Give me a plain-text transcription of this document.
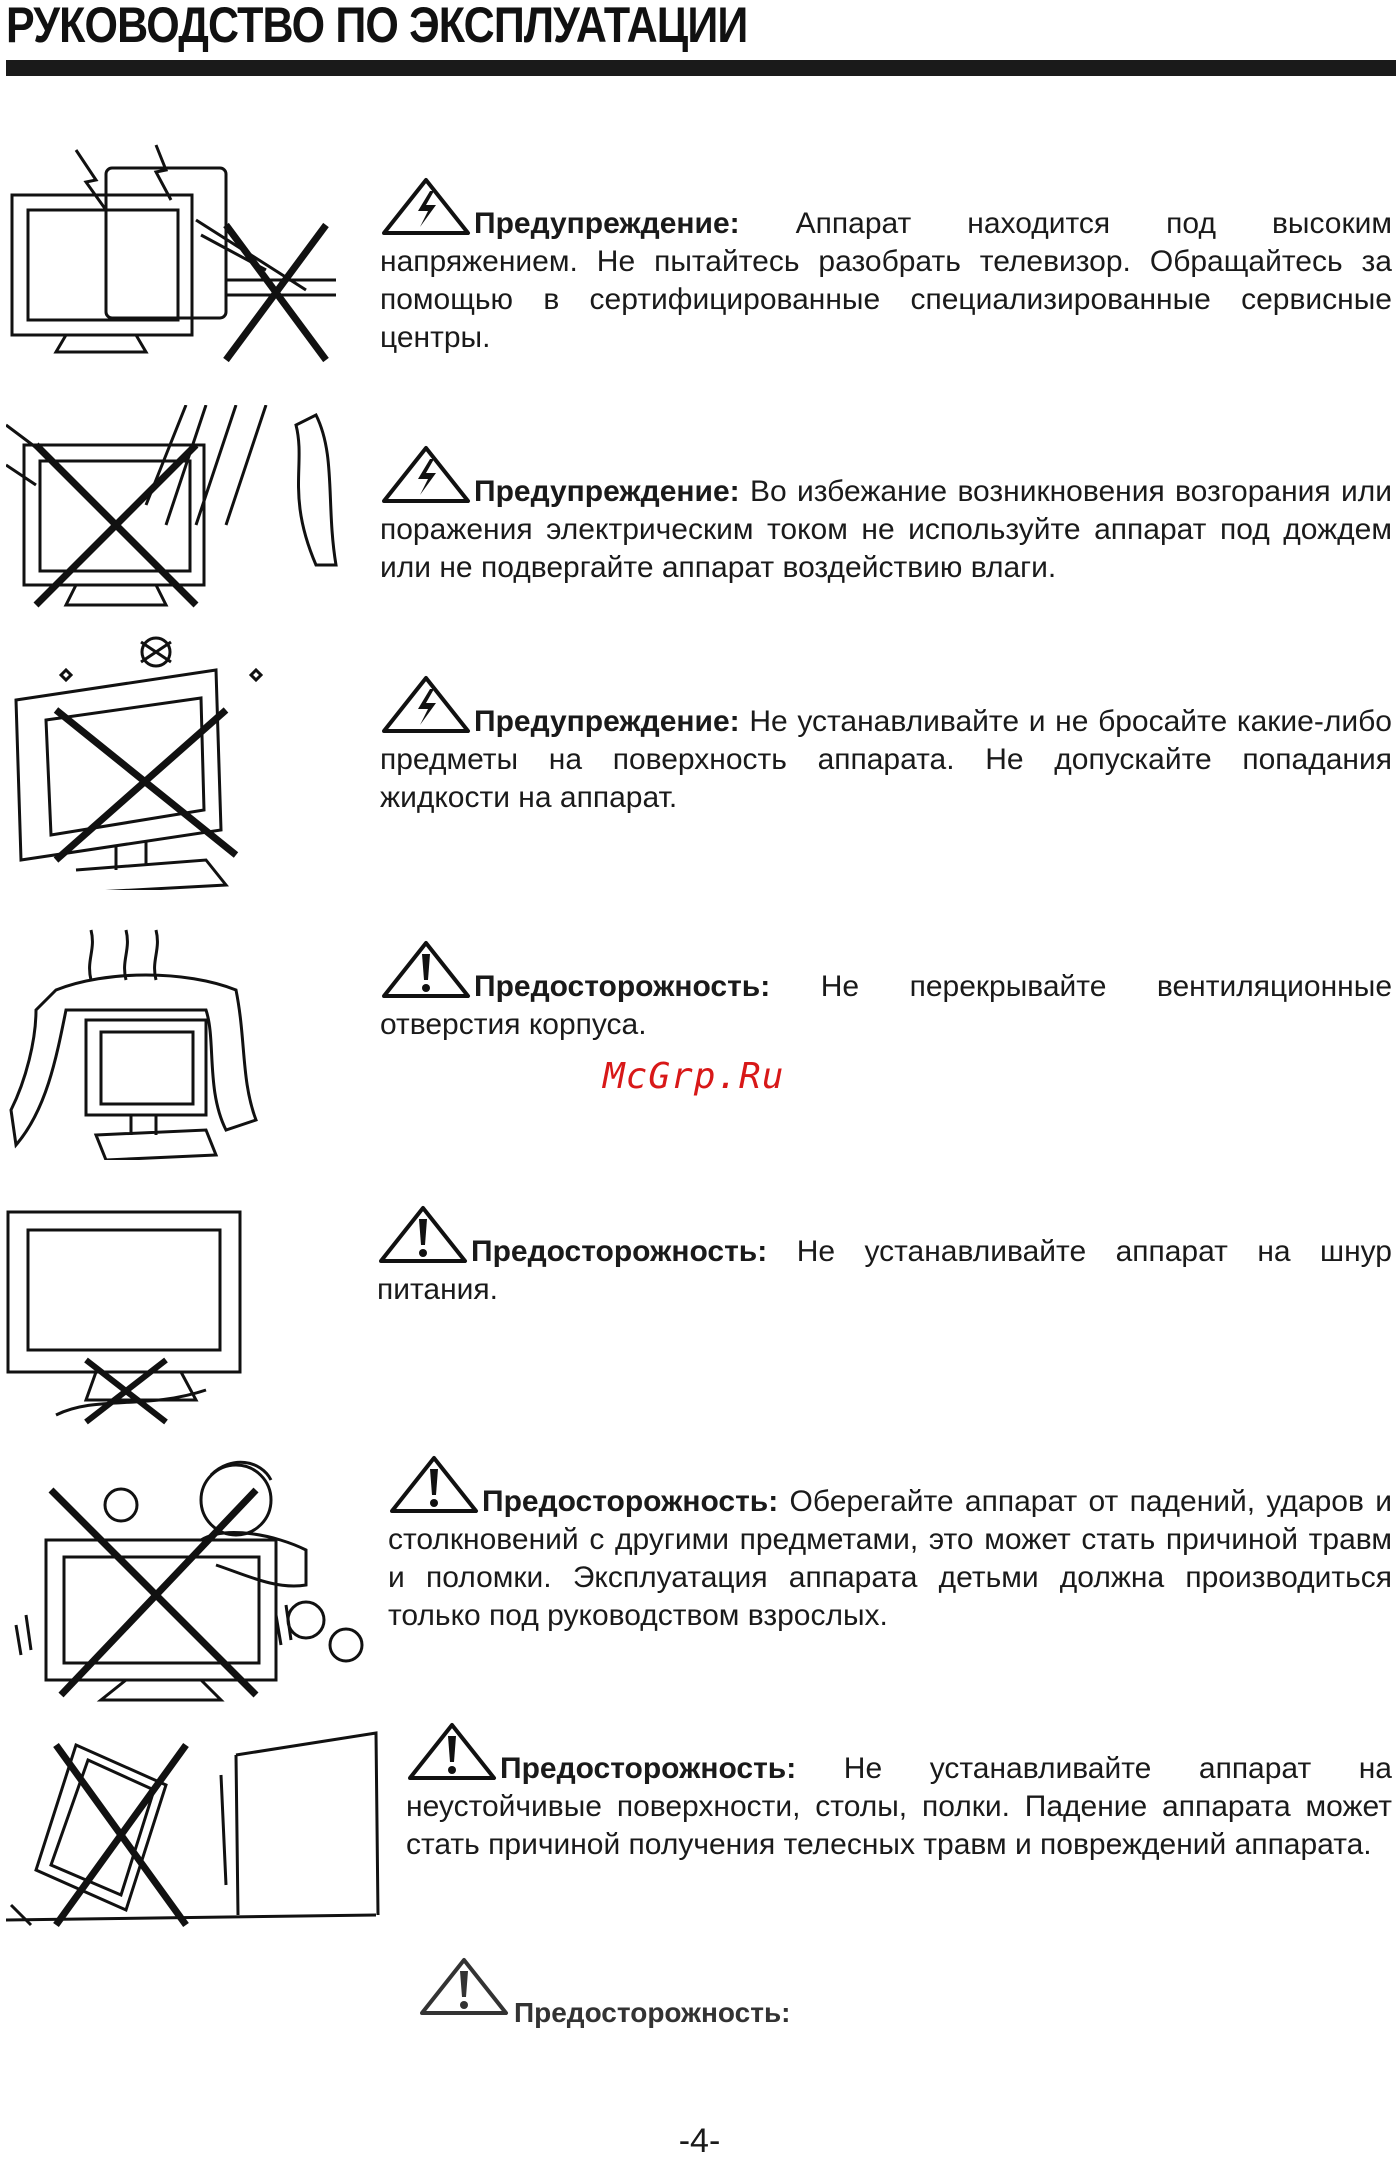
РУКОВОДСТВО ПО ЭКСПЛУАТАЦИИ
Предупреждение: Аппарат находится под высоким напряжением. Не пытайтесь разобрать телевизор. Обращайтесь за помощью в сертифицированные специализированные сервисные центры.
Предупреждение: Во избежание возникновения возгорания или поражения электрическим током не используйте аппарат под дождем или не подвергайте аппарат воздействию влаги.
Предупреждение: Не устанавливайте и не бросайте какие-либо предметы на поверхность аппарата. Не допускайте попадания жидкости на аппарат.
Предосторожность: Не перекрывайте вентиляционные отверстия корпуса.
McGrp.Ru
Предосторожность: Не устанавливайте аппарат на шнур питания.
Предосторожность: Оберегайте аппарат от падений, ударов и столкновений с другими предметами, это может стать причиной травм и поломки. Эксплуатация аппарата детьми должна производиться только под руководством взрослых.
Предосторожность: Не устанавливайте аппарат на неустойчивые поверхности, столы, полки. Падение аппарата может стать причиной получения телесных травм и повреждений аппарата.
Предосторожность:
-4-
